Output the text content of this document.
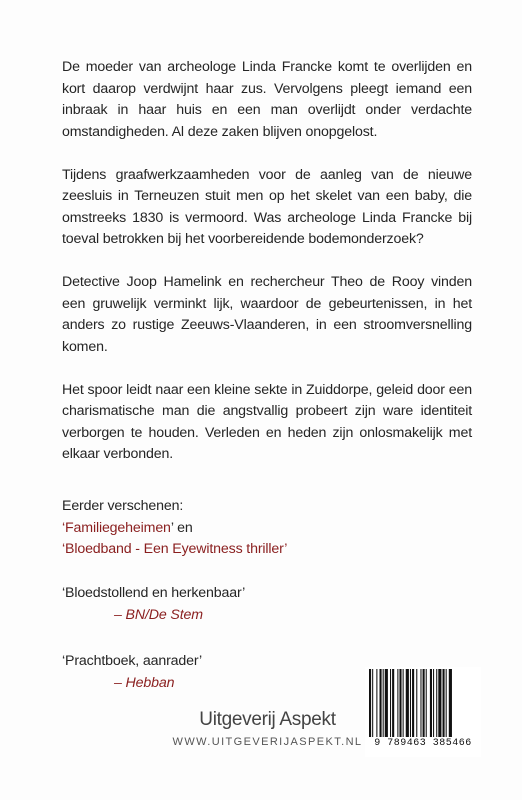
De moeder van archeologe Linda Francke komt te overlijden en kort daarop verdwijnt haar zus. Vervolgens pleegt iemand een inbraak in haar huis en een man overlijdt onder verdachte omstandigheden. Al deze zaken blijven onopgelost.

Tijdens graafwerkzaamheden voor de aanleg van de nieuwe zeesluis in Terneuzen stuit men op het skelet van een baby, die omstreeks 1830 is vermoord. Was archeologe Linda Francke bij toeval betrokken bij het voorbereidende bodemonderzoek?

Detective Joop Hamelink en rechercheur Theo de Rooy vinden een gruwelijk verminkt lijk, waardoor de gebeurtenissen, in het anders zo rustige Zeeuws-Vlaanderen, in een stroomversnelling komen.

Het spoor leidt naar een kleine sekte in Zuiddorpe, geleid door een charismatische man die angstvallig probeert zijn ware identiteit verborgen te houden. Verleden en heden zijn onlosmakelijk met elkaar verbonden.

Eerder verschenen:
‘Familiegeheimen’ en
‘Bloedband - Een Eyewitness thriller’
‘Bloedstollend en herkenbaar’
– BN/De Stem
‘Prachtboek, aanrader’
– Hebban
Uitgeverij Aspekt
WWW.UITGEVERIJASPEKT.NL	9 789463 385466
